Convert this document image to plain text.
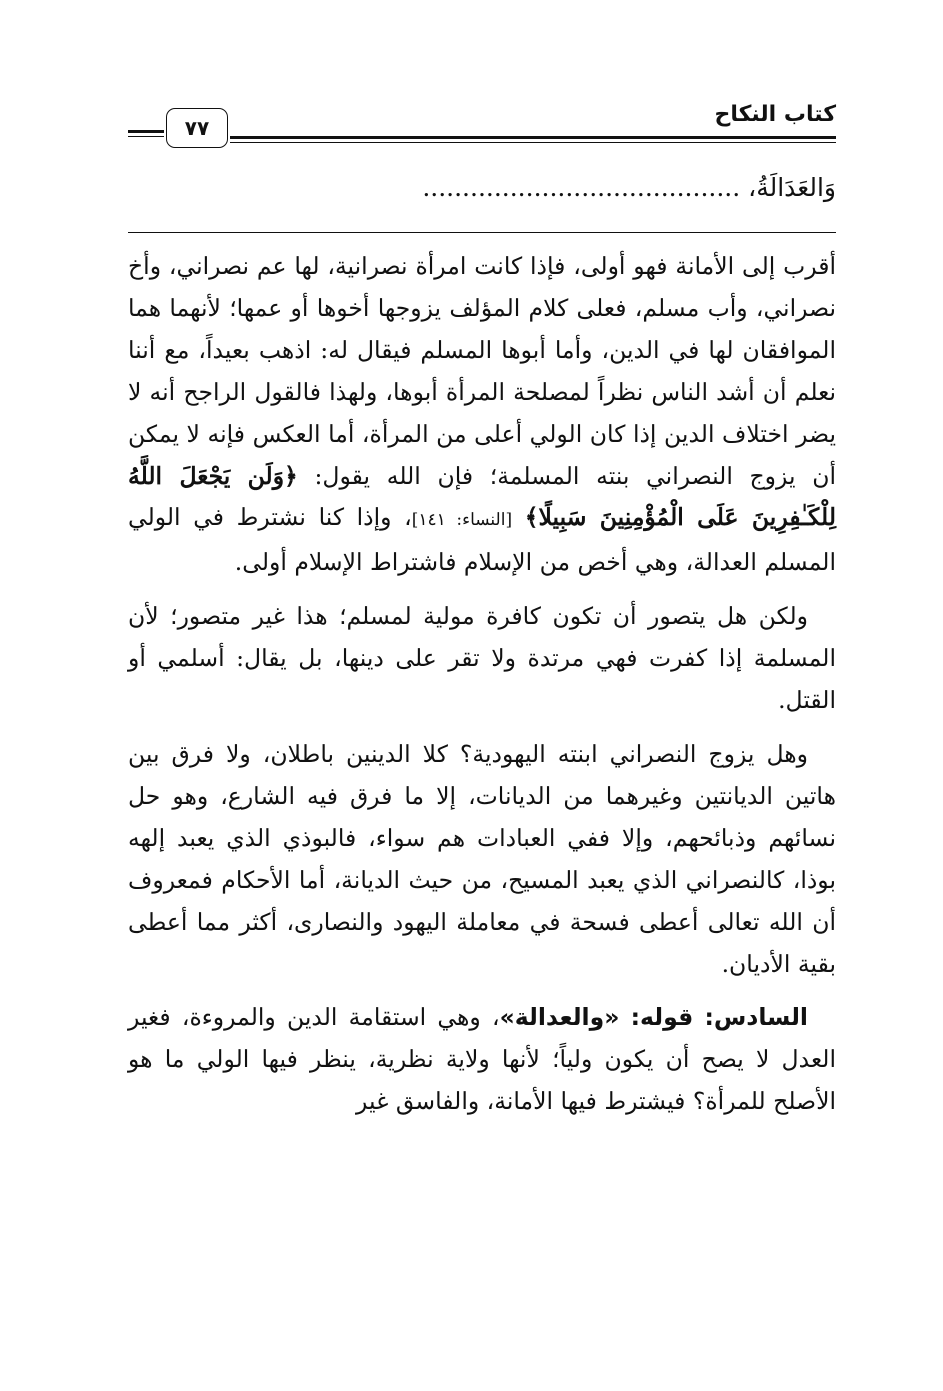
كتاب النكاح
٧٧
وَالعَدَالَةُ، ........................................

أقرب إلى الأمانة فهو أولى، فإذا كانت امرأة نصرانية، لها عم نصراني، وأخ نصراني، وأب مسلم، فعلى كلام المؤلف يزوجها أخوها أو عمها؛ لأنهما هما الموافقان لها في الدين، وأما أبوها المسلم فيقال له: اذهب بعيداً، مع أننا نعلم أن أشد الناس نظراً لمصلحة المرأة أبوها، ولهذا فالقول الراجح أنه لا يضر اختلاف الدين إذا كان الولي أعلى من المرأة، أما العكس فإنه لا يمكن أن يزوج النصراني بنته المسلمة؛ فإن الله يقول: ﴿وَلَن يَجْعَلَ اللَّهُ لِلْكَـٰفِرِينَ عَلَى الْمُؤْمِنِينَ سَبِيلًا﴾ [النساء: ١٤١]، وإذا كنا نشترط في الولي المسلم العدالة، وهي أخص من الإسلام فاشتراط الإسلام أولى.

ولكن هل يتصور أن تكون كافرة مولية لمسلم؛ هذا غير متصور؛ لأن المسلمة إذا كفرت فهي مرتدة ولا تقر على دينها، بل يقال: أسلمي أو القتل.

وهل يزوج النصراني ابنته اليهودية؟ كلا الدينين باطلان، ولا فرق بين هاتين الديانتين وغيرهما من الديانات، إلا ما فرق فيه الشارع، وهو حل نسائهم وذبائحهم، وإلا ففي العبادات هم سواء، فالبوذي الذي يعبد إلهه بوذا، كالنصراني الذي يعبد المسيح، من حيث الديانة، أما الأحكام فمعروف أن الله تعالى أعطى فسحة في معاملة اليهود والنصارى، أكثر مما أعطى بقية الأديان.

السادس: قوله: «والعدالة»، وهي استقامة الدين والمروءة، فغير العدل لا يصح أن يكون ولياً؛ لأنها ولاية نظرية، ينظر فيها الولي ما هو الأصلح للمرأة؟ فيشترط فيها الأمانة، والفاسق غير
